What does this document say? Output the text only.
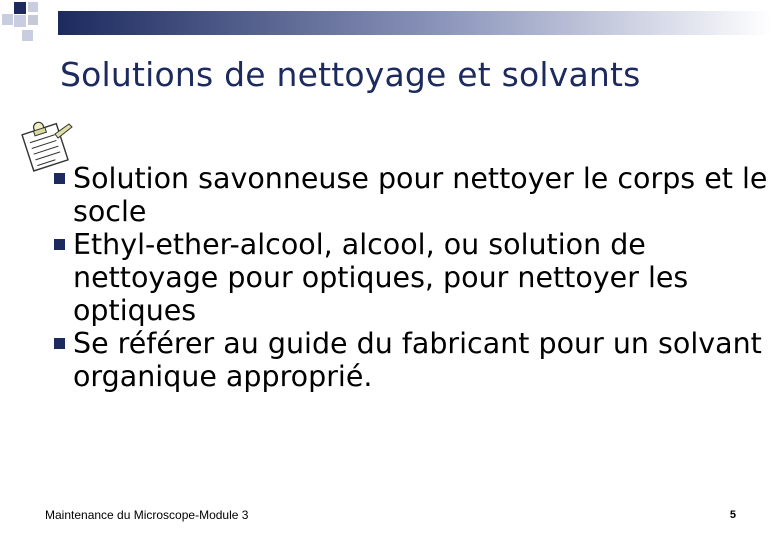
Solutions de nettoyage et solvants
Solution savonneuse pour nettoyer le corps et le socle
Ethyl-ether-alcool, alcool, ou solution de nettoyage pour optiques, pour nettoyer les optiques
Se référer au guide du fabricant pour un solvant organique approprié.
Maintenance du Microscope-Module 3	5
